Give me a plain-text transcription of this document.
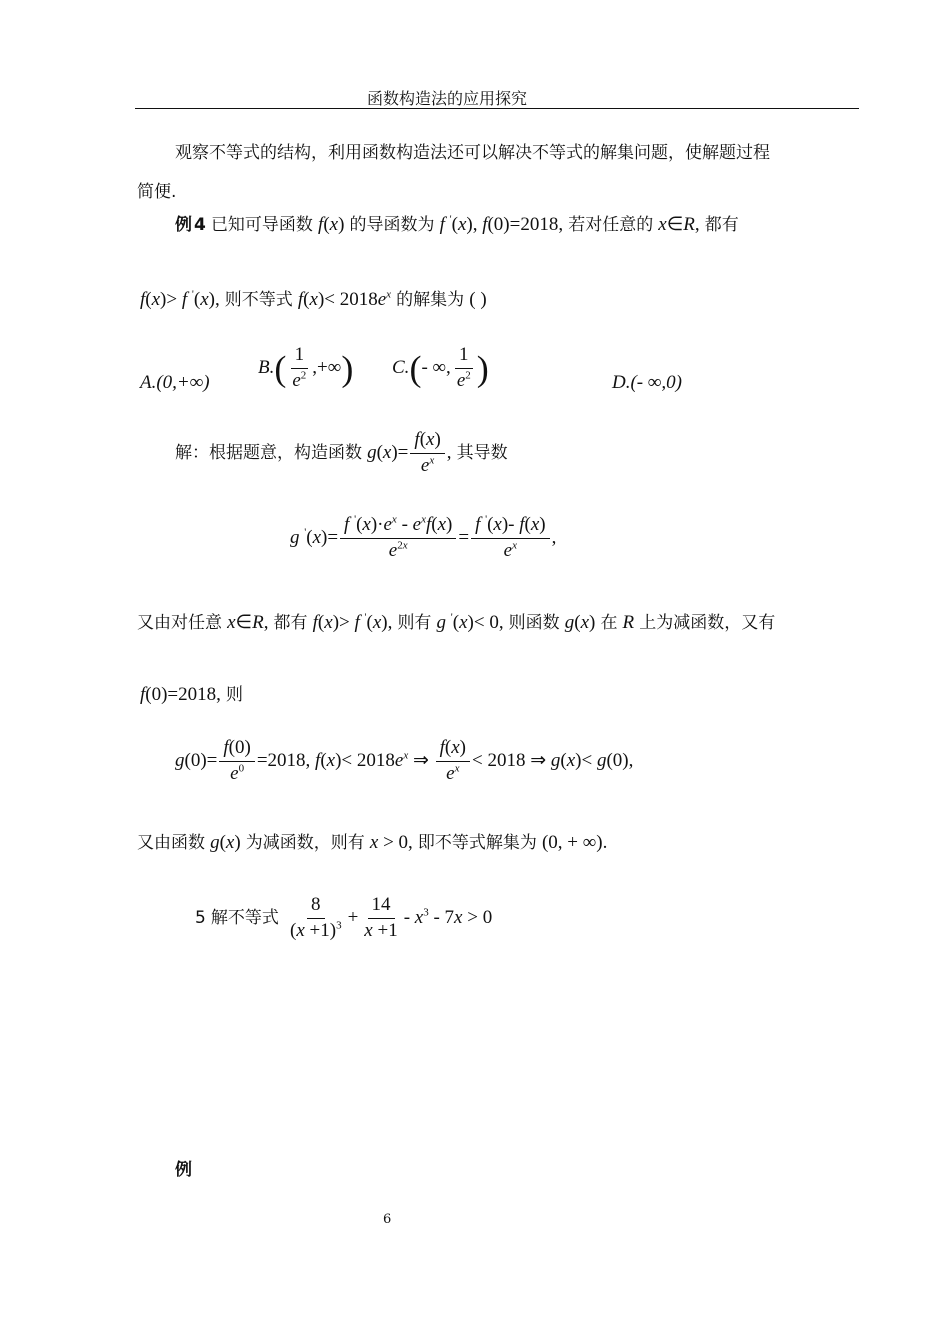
函数构造法的应用探究
观察不等式的结构，利用函数构造法还可以解决不等式的解集问题，使解题过程
简便.
例 4 已知可导函数 f(x) 的导函数为 f '(x), f(0)=2018, 若对任意的 x∈R, 都有
f(x)> f '(x), 则不等式 $f(x)< 2018e^x$ 的解集为 ( )
A.(0,+∞)
$B.( \frac{1}{e^2}$ ,+∞) C.(- ∞, $\frac{1}{e^2}$ )	D.(- ∞,0)
解：根据题意，构造函数 $g(x)= \frac{f(x)}{e^x}$ , 其导数
g $'(x)= \frac{f '(x)\cdot e^x - e^xf(x)}{e^{2x}} = \frac{f '(x)- f(x)}{e^x}$ ,
又由对任意 x∈R, 都有 f(x)> f '(x), 则有 g '(x)< 0, 则函数 g(x) 在 R 上为减函数，又有
f(0)=2018, 则
$g(0)= \frac{f(0)}{e^0} =2018$, $f(x)< 2018e^x$ ⇒ $\frac{f(x)}{e^x} < 2018$ ⇒ g(x)< g(0),
又由函数 g(x) 为减函数，则有 x > 0, 即不等式解集为 (0, + ∞).
5 解不等式 $\frac{8}{(x +1)^3} + \frac{14}{x +1} - x^3 - 7x > 0$
例
6
